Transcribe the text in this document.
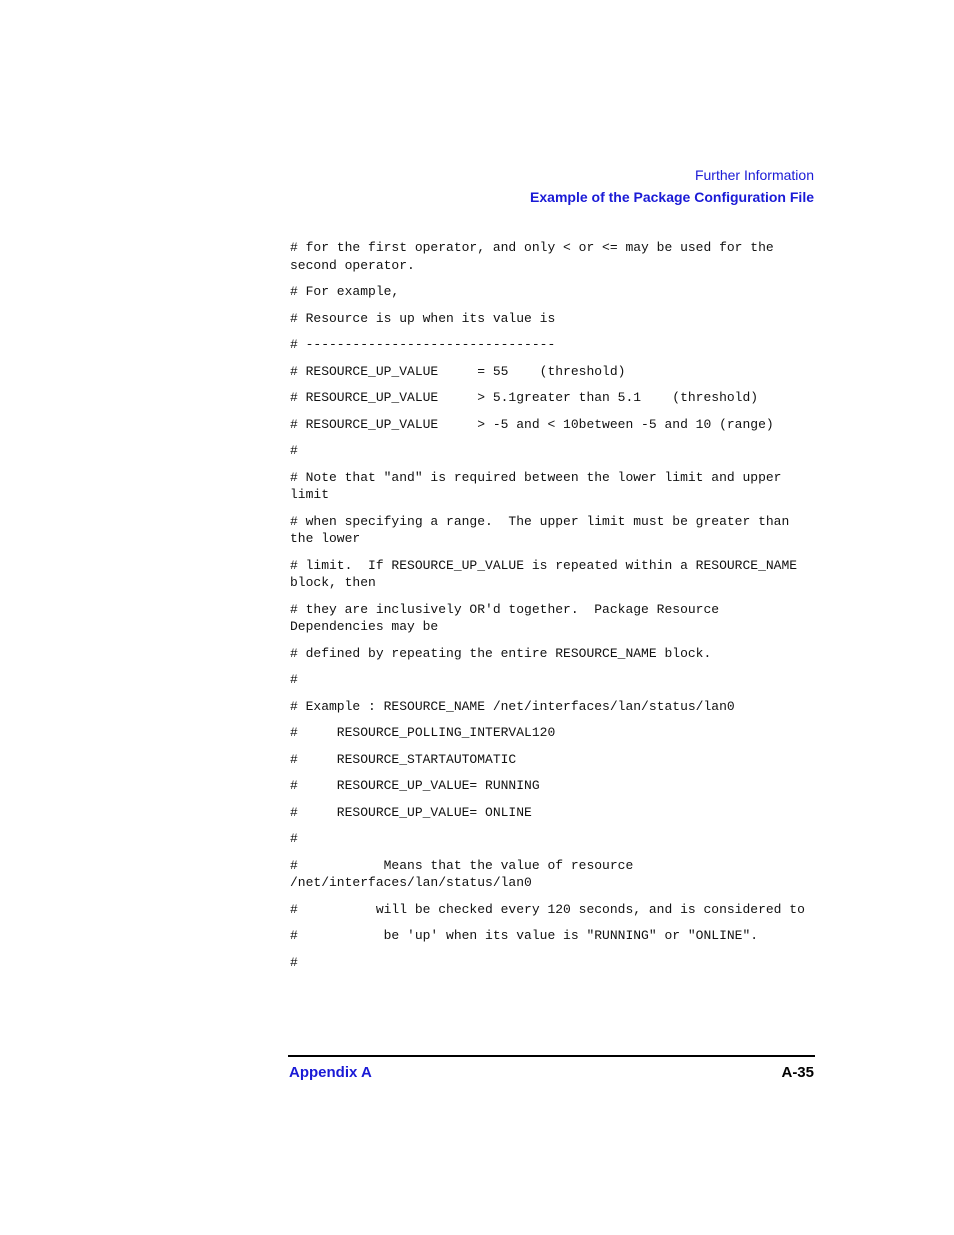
Further Information
Example of the Package Configuration File

# for the first operator, and only < or <= may be used for the second operator.

# For example,

# Resource is up when its value is

# --------------------------------

# RESOURCE_UP_VALUE     = 55    (threshold)

# RESOURCE_UP_VALUE     > 5.1greater than 5.1    (threshold)

# RESOURCE_UP_VALUE     > -5 and < 10between -5 and 10 (range)

#

# Note that "and" is required between the lower limit and upper limit

# when specifying a range.  The upper limit must be greater than the lower

# limit.  If RESOURCE_UP_VALUE is repeated within a RESOURCE_NAME block, then

# they are inclusively OR'd together.  Package Resource Dependencies may be

# defined by repeating the entire RESOURCE_NAME block.

#

# Example : RESOURCE_NAME /net/interfaces/lan/status/lan0

#     RESOURCE_POLLING_INTERVAL120

#     RESOURCE_STARTAUTOMATIC

#     RESOURCE_UP_VALUE= RUNNING

#     RESOURCE_UP_VALUE= ONLINE

#

#           Means that the value of resource /net/interfaces/lan/status/lan0

#          will be checked every 120 seconds, and is considered to

#           be 'up' when its value is "RUNNING" or "ONLINE".

#

Appendix A	A-35
